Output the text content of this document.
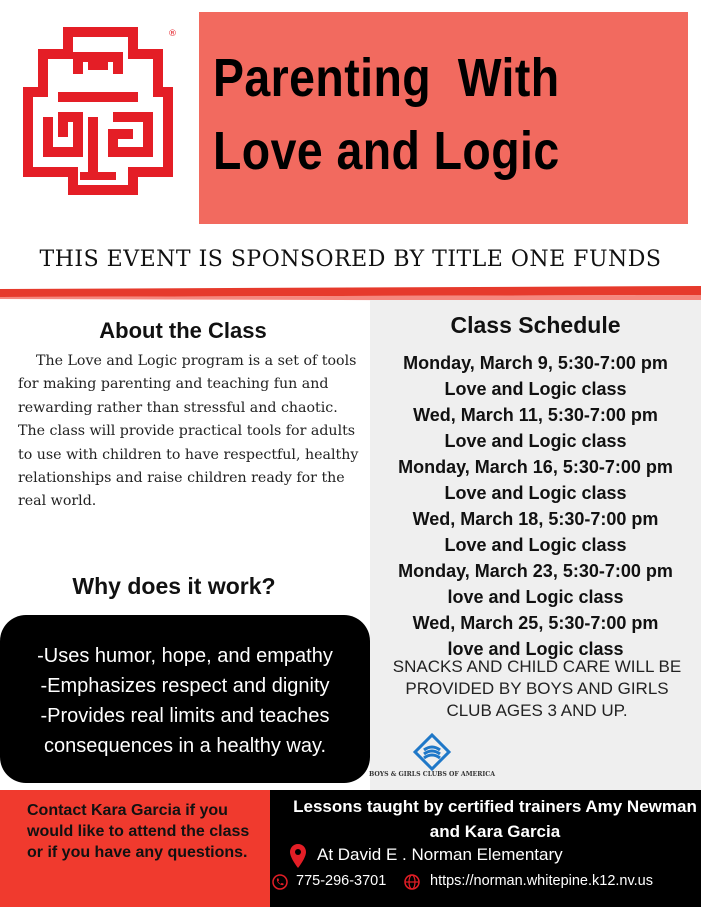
®
Parenting  With
Love and Logic
THIS EVENT IS SPONSORED BY TITLE ONE FUNDS
Class Schedule
Monday, March 9, 5:30-7:00 pm
Love and Logic class
Wed, March 11, 5:30-7:00 pm
Love and Logic class
Monday, March 16, 5:30-7:00 pm
Love and Logic class
Wed, March 18, 5:30-7:00 pm
Love and Logic class
Monday, March 23, 5:30-7:00 pm
love and Logic class
Wed, March 25, 5:30-7:00 pm
love and Logic class
SNACKS AND CHILD CARE WILL BE PROVIDED BY BOYS AND GIRLS CLUB AGES 3 AND UP.
BOYS & GIRLS CLUBS OF AMERICA
About the Class

The Love and Logic program is a set of tools for making parenting and teaching fun and rewarding rather than stressful and chaotic. The class will provide practical tools for adults to use with children to have respectful, healthy relationships and raise children ready for the real world.

Why does it work?
-Uses humor, hope, and empathy
-Emphasizes respect and dignity
-Provides real limits and teaches
consequences in a healthy way.

Contact Kara Garcia if you would like to attend the class or if you have any questions.

Lessons taught by certified trainers Amy Newman and Kara Garcia
At David E . Norman Elementary
775-296-3701	https://norman.whitepine.k12.nv.us
